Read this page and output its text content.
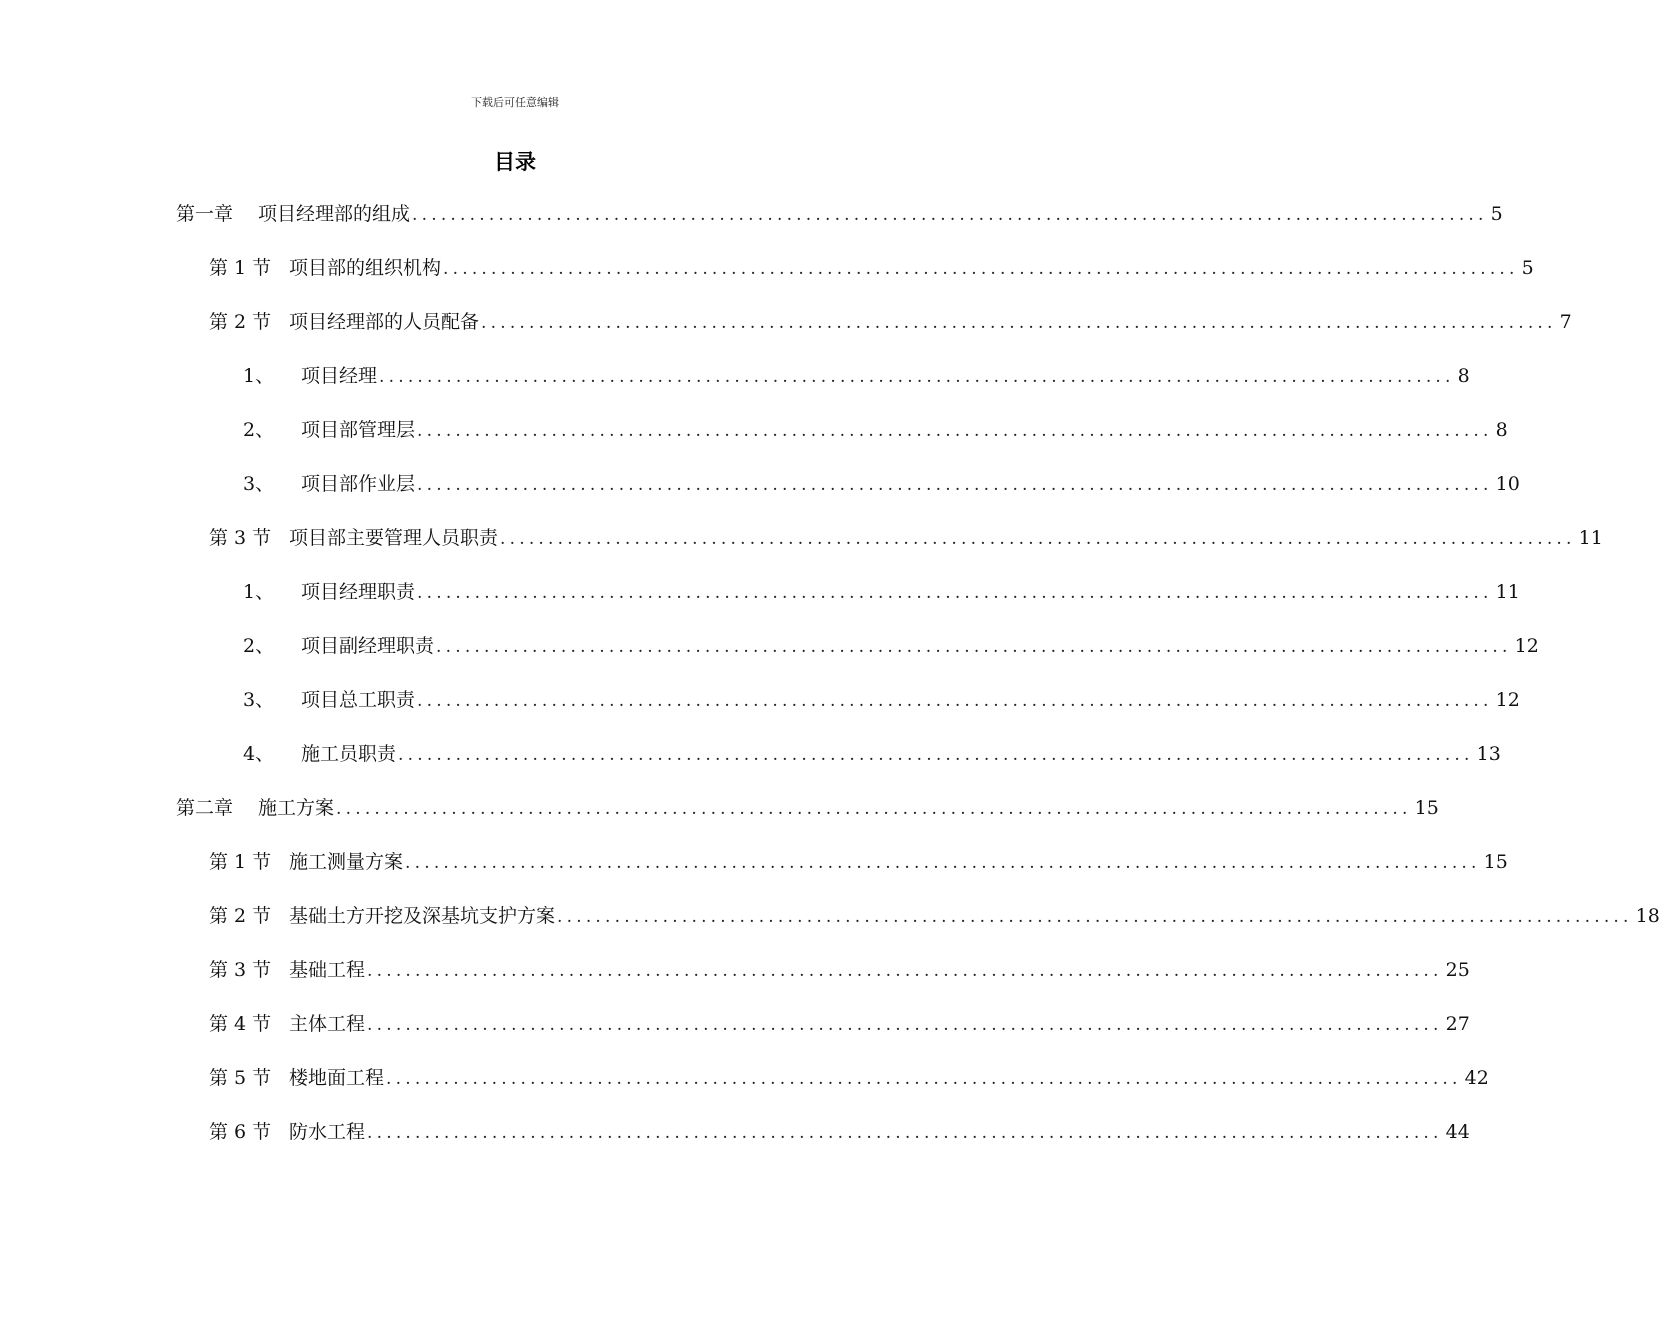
下载后可任意编辑
目录
第一章	项目经理部的组成 ................................................................................................................ 5
第 1 节 项目部的组织机构 ................................................................................................................ 5
第 2 节 项目经理部的人员配备 ................................................................................................................ 7
1、	项目经理 ................................................................................................................ 8
2、	项目部管理层 ................................................................................................................ 8
3、	项目部作业层 ................................................................................................................ 10
第 3 节 项目部主要管理人员职责 ................................................................................................................ 11
1、	项目经理职责 ................................................................................................................ 11
2、	项目副经理职责 ................................................................................................................ 12
3、	项目总工职责 ................................................................................................................ 12
4、	施工员职责 ................................................................................................................ 13
第二章	施工方案 ................................................................................................................ 15
第 1 节 施工测量方案 ................................................................................................................ 15
第 2 节 基础土方开挖及深基坑支护方案 ................................................................................................................ 18
第 3 节 基础工程 ................................................................................................................ 25
第 4 节 主体工程 ................................................................................................................ 27
第 5 节 楼地面工程 ................................................................................................................ 42
第 6 节 防水工程 ................................................................................................................ 44
